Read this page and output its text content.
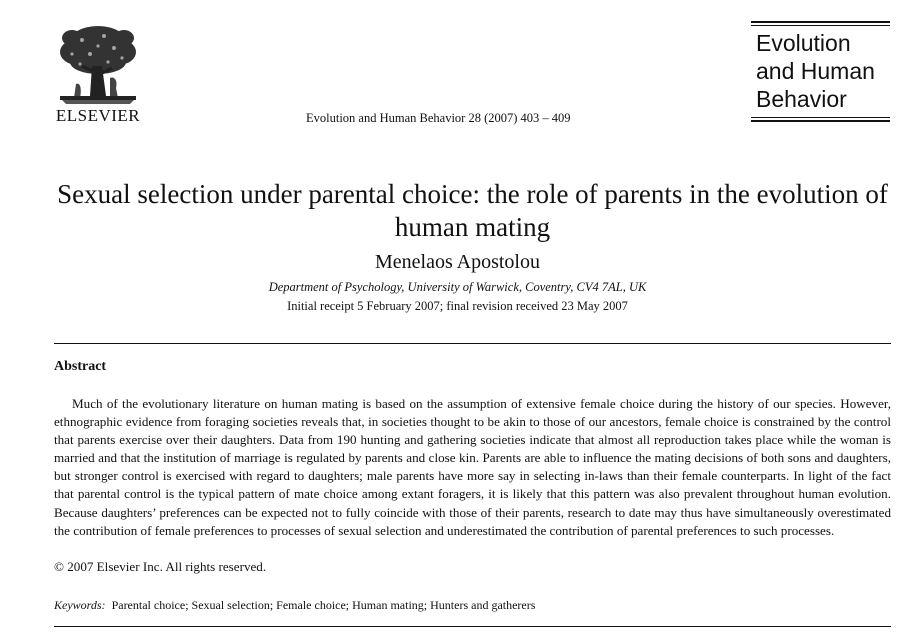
ELSEVIER	Evolution and Human Behavior 28 (2007) 403 – 409
Evolution
and Human
Behavior
Sexual selection under parental choice: the role of parents in the evolution of human mating
Menelaos Apostolou
Department of Psychology, University of Warwick, Coventry, CV4 7AL, UK
Initial receipt 5 February 2007; final revision received 23 May 2007
Abstract
Much of the evolutionary literature on human mating is based on the assumption of extensive female choice during the history of our species. However, ethnographic evidence from foraging societies reveals that, in societies thought to be akin to those of our ancestors, female choice is constrained by the control that parents exercise over their daughters. Data from 190 hunting and gathering societies indicate that almost all reproduction takes place while the woman is married and that the institution of marriage is regulated by parents and close kin. Parents are able to influence the mating decisions of both sons and daughters, but stronger control is exercised with regard to daughters; male parents have more say in selecting in-laws than their female counterparts. In light of the fact that parental control is the typical pattern of mate choice among extant foragers, it is likely that this pattern was also prevalent throughout human evolution. Because daughters’ preferences can be expected not to fully coincide with those of their parents, research to date may thus have simultaneously overestimated the contribution of female preferences to processes of sexual selection and underestimated the contribution of parental preferences to such processes.
© 2007 Elsevier Inc. All rights reserved.
Keywords: Parental choice; Sexual selection; Female choice; Human mating; Hunters and gatherers
